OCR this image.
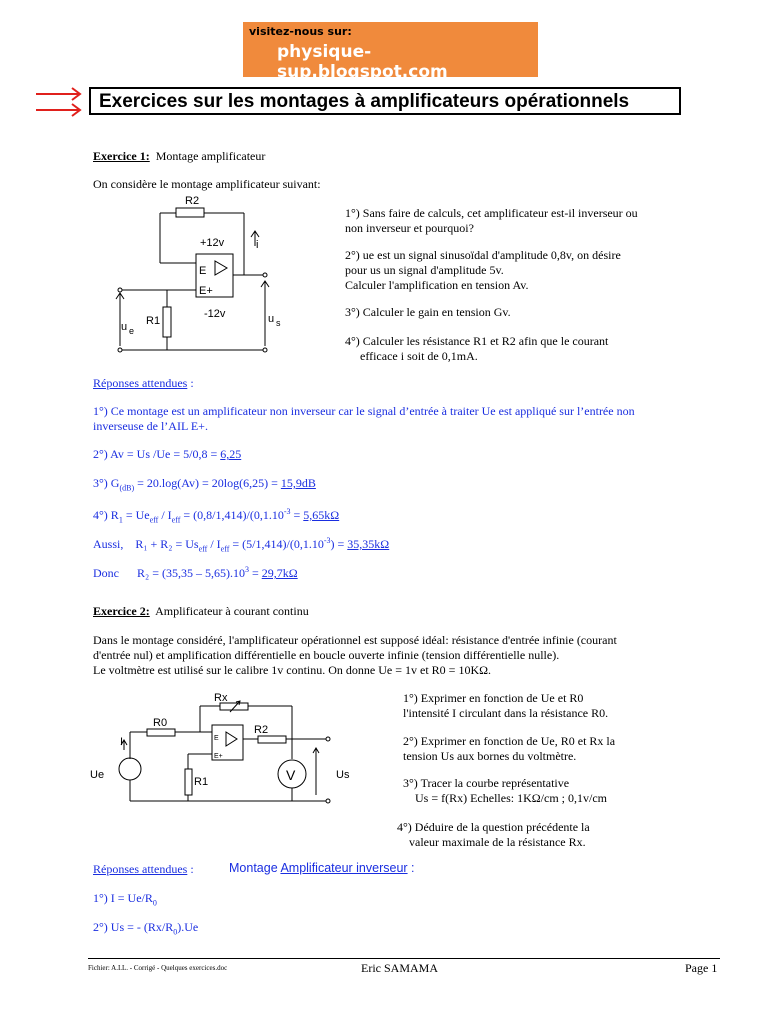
visitez-nous sur:
physique-sup.blogspot.com
Exercices sur les montages à amplificateurs opérationnels
Exercice 1: Montage amplificateur
On considère le montage amplificateur suivant:
R2
+12v	i
E
E+
-12v
R1
u e
u s
1°) Sans faire de calculs, cet amplificateur est-il inverseur ou
non inverseur et pourquoi?
2°) ue est un signal sinusoïdal d'amplitude 0,8v, on désire
pour us un signal d'amplitude 5v.
Calculer l'amplification en tension Av.
3°) Calculer le gain en tension Gv.
4°) Calculer les résistance R1 et R2 afin que le courant
efficace i soit de 0,1mA.
Réponses attendues :
1°) Ce montage est un amplificateur non inverseur car le signal d’entrée à traiter Ue est appliqué sur l’entrée non
inverseuse de l’AIL E+.
2°) Av = Us /Ue = 5/0,8 = 6,25
3°) $G_{(dB)} = 20.\log(Av) = 20\log(6,25) = 15,9dB$
4°) $R_1 = Ue_{eff} / I_{eff} = (0,8/1,414)/(0,1.10^{-3} = 5,65k\Omega$
Aussi, $R_1 + R_2 = Us_{eff} / I_{eff} = (5/1,414)/(0,1.10^{-3}) = 35,35k\Omega$
Donc $R_2 = (35,35 - 5,65).10^3 = 29,7k\Omega$
Exercice 2: Amplificateur à courant continu
Dans le montage considéré, l'amplificateur opérationnel est supposé idéal: résistance d'entrée infinie (courant
d'entrée nul) et amplification différentielle en boucle ouverte infinie (tension différentielle nulle).
Le voltmètre est utilisé sur le calibre 1v continu. On donne Ue = 1v et R0 = 10KΩ.
Rx
R0
R2
I
Ue
R1	V	Us
E
E+
1°) Exprimer en fonction de Ue et R0
l'intensité I circulant dans la résistance R0.
2°) Exprimer en fonction de Ue, R0 et Rx la
tension Us aux bornes du voltmètre.
3°) Tracer la courbe représentative
Us = f(Rx) Echelles: 1KΩ/cm ; 0,1v/cm
4°) Déduire de la question précédente la
valeur maximale de la résistance Rx.
Réponses attendues :	Montage Amplificateur inverseur :
1°) $I = Ue/R_0$
2°) Us = - $(Rx/R_0).Ue$
Fichier: A.I.L. - Corrigé - Quelques exercices.doc	Eric SAMAMA	Page 1
